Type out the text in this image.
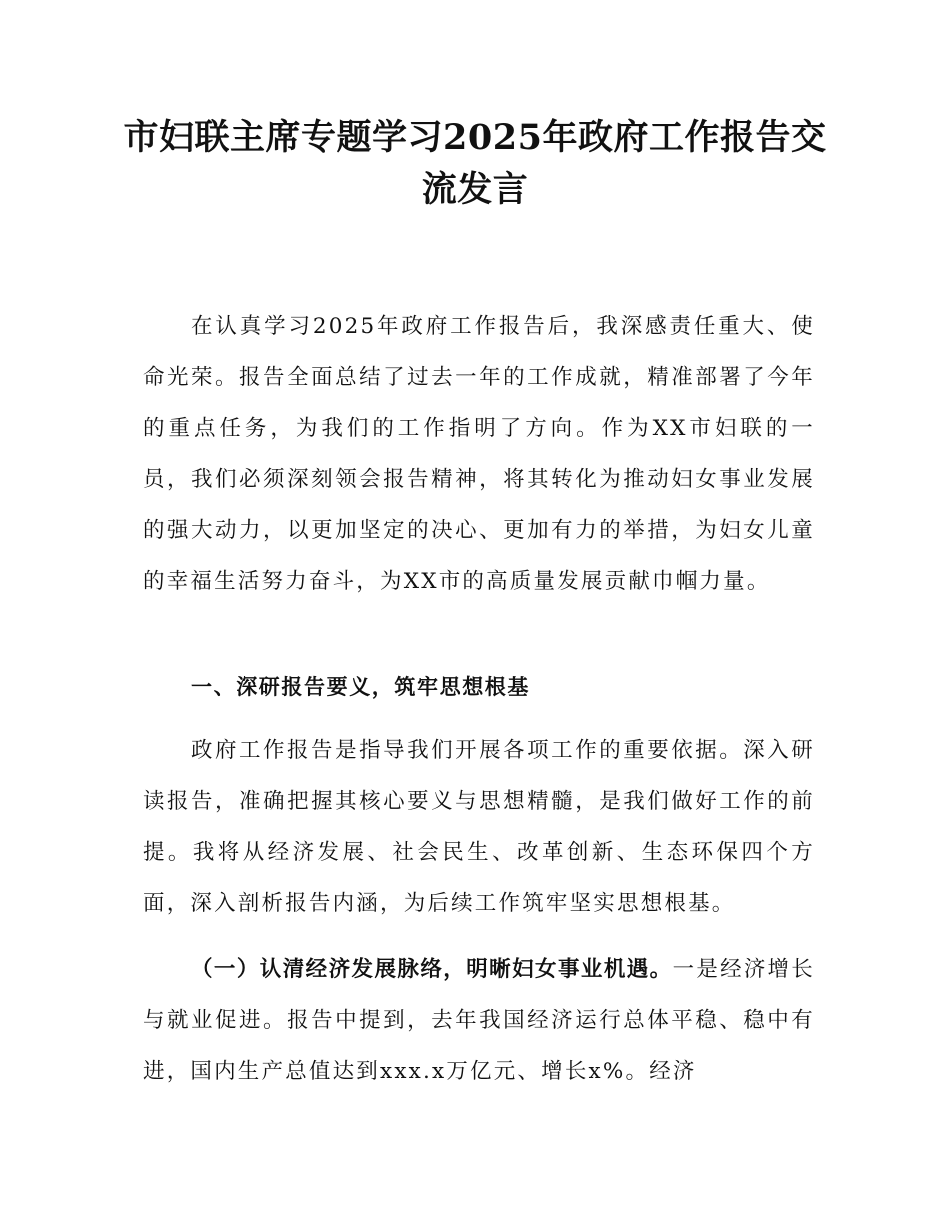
市妇联主席专题学习2025年政府工作报告交
流发言

在认真学习2025年政府工作报告后，我深感责任重大、使命光荣。报告全面总结了过去一年的工作成就，精准部署了今年的重点任务，为我们的工作指明了方向。作为XX市妇联的一员，我们必须深刻领会报告精神，将其转化为推动妇女事业发展的强大动力，以更加坚定的决心、更加有力的举措，为妇女儿童的幸福生活努力奋斗，为XX市的高质量发展贡献巾帼力量。

一、深研报告要义，筑牢思想根基

政府工作报告是指导我们开展各项工作的重要依据。深入研读报告，准确把握其核心要义与思想精髓，是我们做好工作的前提。我将从经济发展、社会民生、改革创新、生态环保四个方面，深入剖析报告内涵，为后续工作筑牢坚实思想根基。

（一）认清经济发展脉络，明晰妇女事业机遇。一是经济增长与就业促进。报告中提到，去年我国经济运行总体平稳、稳中有进，国内生产总值达到xxx.x万亿元、增长x%。经济
